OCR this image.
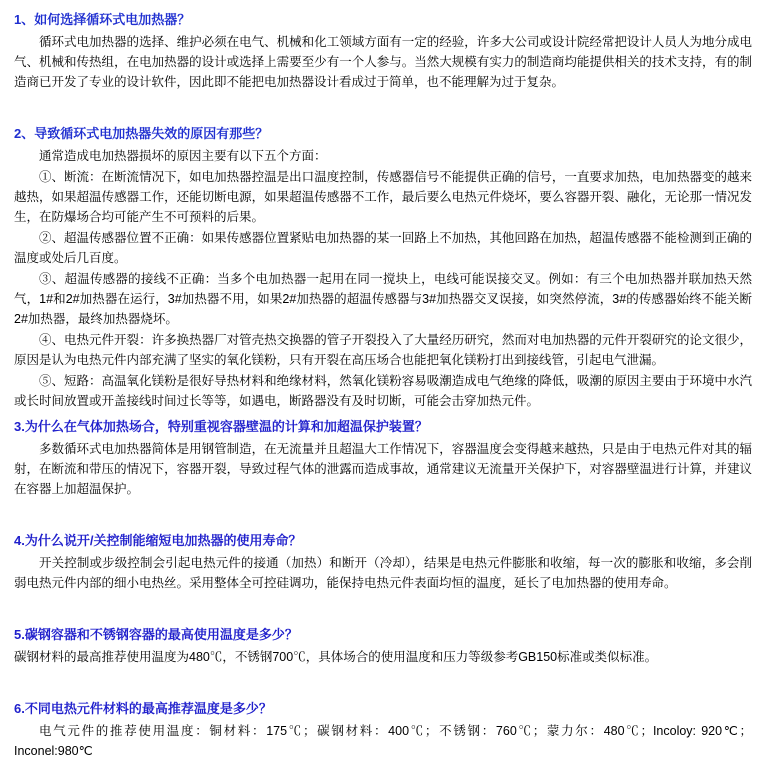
1、如何选择循环式电加热器？

循环式电加热器的选择、维护必须在电气、机械和化工领域方面有一定的经验，许多大公司或设计院经常把设计人员人为地分成电气、机械和传热组，在电加热器的设计或选择上需要至少有一个人参与。当然大规模有实力的制造商均能提供相关的技术支持，有的制造商已开发了专业的设计软件，因此即不能把电加热器设计看成过于简单，也不能理解为过于复杂。

2、导致循环式电加热器失效的原因有那些？

通常造成电加热器损坏的原因主要有以下五个方面：

①、断流：在断流情况下，如电加热器控温是出口温度控制，传感器信号不能提供正确的信号，一直要求加热，电加热器变的越来越热，如果超温传感器工作，还能切断电源，如果超温传感器不工作，最后要么电热元件烧坏，要么容器开裂、融化，无论那一情况发生，在防爆场合均可能产生不可预料的后果。

②、超温传感器位置不正确：如果传感器位置紧贴电加热器的某一回路上不加热，其他回路在加热，超温传感器不能检测到正确的温度或处后几百度。

③、超温传感器的接线不正确：当多个电加热器一起用在同一搅块上，电线可能误接交叉。例如：有三个电加热器并联加热天然气，1#和2#加热器在运行，3#加热器不用，如果2#加热器的超温传感器与3#加热器交叉误接，如突然停流，3#的传感器始终不能关断2#加热器，最终加热器烧坏。

④、电热元件开裂：许多换热器厂对管壳热交换器的管子开裂投入了大量经历研究，然而对电加热器的元件开裂研究的论文很少，原因是认为电热元件内部充满了坚实的氧化镁粉，只有开裂在高压场合也能把氧化镁粉打出到接线管，引起电气泄漏。

⑤、短路：高温氧化镁粉是很好导热材料和绝缘材料，然氧化镁粉容易吸潮造成电气绝缘的降低，吸潮的原因主要由于环境中水汽或长时间放置或开盖接线时间过长等等，如遇电，断路器没有及时切断，可能会击穿加热元件。

3.为什么在气体加热场合，特别重视容器壁温的计算和加超温保护装置？

多数循环式电加热器简体是用钢管制造，在无流量并且超温大工作情况下，容器温度会变得越来越热，只是由于电热元件对其的辐射，在断流和带压的情况下，容器开裂，导致过程气体的泄露而造成事故，通常建议无流量开关保护下，对容器壁温进行计算，并建议在容器上加超温保护。

4.为什么说开/关控制能缩短电加热器的使用寿命？

开关控制或步级控制会引起电热元件的接通（加热）和断开（冷却），结果是电热元件膨胀和收缩，每一次的膨胀和收缩，多会削弱电热元件内部的细小电热丝。采用整体全可控硅调功，能保持电热元件表面均恒的温度，延长了电加热器的使用寿命。

5.碳钢容器和不锈钢容器的最高使用温度是多少？

碳钢材料的最高推荐使用温度为480℃，不锈钢700℃，具体场合的使用温度和压力等级参考GB150标准或类似标准。

6.不同电热元件材料的最高推荐温度是多少？

电气元件的推荐使用温度：铜材料：175℃；碳钢材料：400℃；不锈钢：760℃；蒙力尔：480℃；Incoloy: 920℃；Inconel:980℃
